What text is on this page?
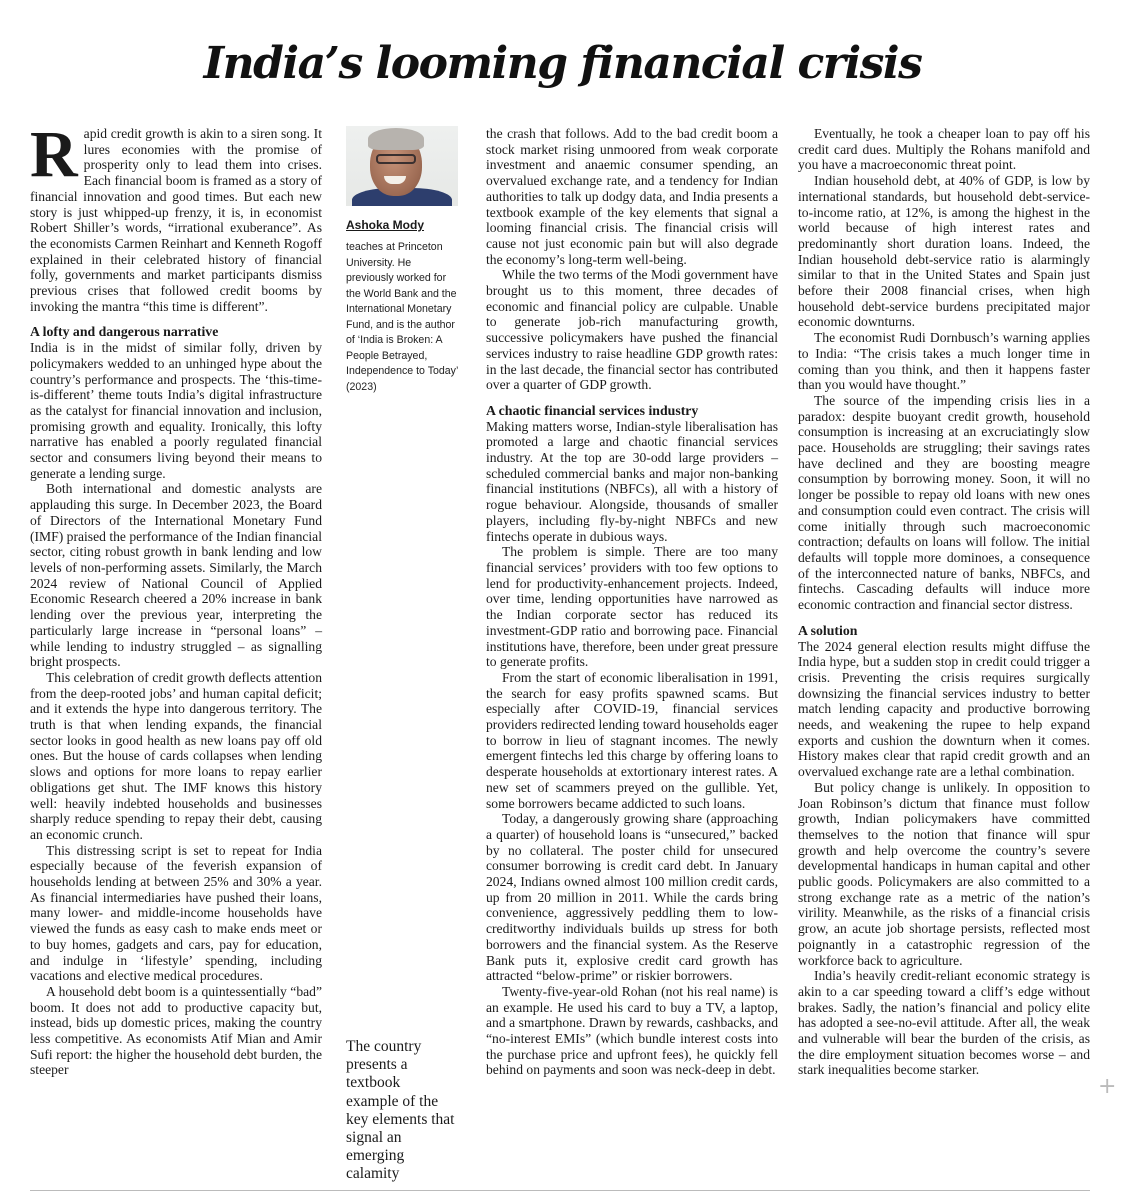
India’s looming financial crisis

Rapid credit growth is akin to a siren song. It lures economies with the promise of prosperity only to lead them into crises. Each financial boom is framed as a story of financial innovation and good times. But each new story is just whipped-up frenzy, it is, in economist Robert Shiller’s words, “irrational exuberance”. As the economists Carmen Reinhart and Kenneth Rogoff explained in their celebrated history of financial folly, governments and market participants dismiss previous crises that followed credit booms by invoking the mantra “this time is different”.

A lofty and dangerous narrative

India is in the midst of similar folly, driven by policymakers wedded to an unhinged hype about the country’s performance and prospects. The ‘this-time-is-different’ theme touts India’s digital infrastructure as the catalyst for financial innovation and inclusion, promising growth and equality. Ironically, this lofty narrative has enabled a poorly regulated financial sector and consumers living beyond their means to generate a lending surge.

Both international and domestic analysts are applauding this surge. In December 2023, the Board of Directors of the International Monetary Fund (IMF) praised the performance of the Indian financial sector, citing robust growth in bank lending and low levels of non-performing assets. Similarly, the March 2024 review of National Council of Applied Economic Research cheered a 20% increase in bank lending over the previous year, interpreting the particularly large increase in “personal loans” – while lending to industry struggled – as signalling bright prospects.

This celebration of credit growth deflects attention from the deep-rooted jobs’ and human capital deficit; and it extends the hype into dangerous territory. The truth is that when lending expands, the financial sector looks in good health as new loans pay off old ones. But the house of cards collapses when lending slows and options for more loans to repay earlier obligations get shut. The IMF knows this history well: heavily indebted households and businesses sharply reduce spending to repay their debt, causing an economic crunch.

This distressing script is set to repeat for India especially because of the feverish expansion of households lending at between 25% and 30% a year. As financial intermediaries have pushed their loans, many lower- and middle-income households have viewed the funds as easy cash to make ends meet or to buy homes, gadgets and cars, pay for education, and indulge in ‘lifestyle’ spending, including vacations and elective medical procedures.

A household debt boom is a quintessentially “bad” boom. It does not add to productive capacity but, instead, bids up domestic prices, making the country less competitive. As economists Atif Mian and Amir Sufi report: the higher the household debt burden, the steeper

Ashoka Mody
teaches at Princeton University. He previously worked for the World Bank and the International Monetary Fund, and is the author of ‘India is Broken: A People Betrayed, Independence to Today’ (2023)
The country presents a textbook example of the key elements that signal an emerging calamity

the crash that follows. Add to the bad credit boom a stock market rising unmoored from weak corporate investment and anaemic consumer spending, an overvalued exchange rate, and a tendency for Indian authorities to talk up dodgy data, and India presents a textbook example of the key elements that signal a looming financial crisis. The financial crisis will cause not just economic pain but will also degrade the economy’s long-term well-being.

While the two terms of the Modi government have brought us to this moment, three decades of economic and financial policy are culpable. Unable to generate job-rich manufacturing growth, successive policymakers have pushed the financial services industry to raise headline GDP growth rates: in the last decade, the financial sector has contributed over a quarter of GDP growth.

A chaotic financial services industry

Making matters worse, Indian-style liberalisation has promoted a large and chaotic financial services industry. At the top are 30-odd large providers – scheduled commercial banks and major non-banking financial institutions (NBFCs), all with a history of rogue behaviour. Alongside, thousands of smaller players, including fly-by-night NBFCs and new fintechs operate in dubious ways.

The problem is simple. There are too many financial services’ providers with too few options to lend for productivity-enhancement projects. Indeed, over time, lending opportunities have narrowed as the Indian corporate sector has reduced its investment-GDP ratio and borrowing pace. Financial institutions have, therefore, been under great pressure to generate profits.

From the start of economic liberalisation in 1991, the search for easy profits spawned scams. But especially after COVID-19, financial services providers redirected lending toward households eager to borrow in lieu of stagnant incomes. The newly emergent fintechs led this charge by offering loans to desperate households at extortionary interest rates. A new set of scammers preyed on the gullible. Yet, some borrowers became addicted to such loans.

Today, a dangerously growing share (approaching a quarter) of household loans is “unsecured,” backed by no collateral. The poster child for unsecured consumer borrowing is credit card debt. In January 2024, Indians owned almost 100 million credit cards, up from 20 million in 2011. While the cards bring convenience, aggressively peddling them to low-creditworthy individuals builds up stress for both borrowers and the financial system. As the Reserve Bank puts it, explosive credit card growth has attracted “below-prime” or riskier borrowers.

Twenty-five-year-old Rohan (not his real name) is an example. He used his card to buy a TV, a laptop, and a smartphone. Drawn by rewards, cashbacks, and “no-interest EMIs” (which bundle interest costs into the purchase price and upfront fees), he quickly fell behind on payments and soon was neck-deep in debt.

Eventually, he took a cheaper loan to pay off his credit card dues. Multiply the Rohans manifold and you have a macroeconomic threat point.

Indian household debt, at 40% of GDP, is low by international standards, but household debt-service-to-income ratio, at 12%, is among the highest in the world because of high interest rates and predominantly short duration loans. Indeed, the Indian household debt-service ratio is alarmingly similar to that in the United States and Spain just before their 2008 financial crises, when high household debt-service burdens precipitated major economic downturns.

The economist Rudi Dornbusch’s warning applies to India: “The crisis takes a much longer time in coming than you think, and then it happens faster than you would have thought.”

The source of the impending crisis lies in a paradox: despite buoyant credit growth, household consumption is increasing at an excruciatingly slow pace. Households are struggling; their savings rates have declined and they are boosting meagre consumption by borrowing money. Soon, it will no longer be possible to repay old loans with new ones and consumption could even contract. The crisis will come initially through such macroeconomic contraction; defaults on loans will follow. The initial defaults will topple more dominoes, a consequence of the interconnected nature of banks, NBFCs, and fintechs. Cascading defaults will induce more economic contraction and financial sector distress.

A solution

The 2024 general election results might diffuse the India hype, but a sudden stop in credit could trigger a crisis. Preventing the crisis requires surgically downsizing the financial services industry to better match lending capacity and productive borrowing needs, and weakening the rupee to help expand exports and cushion the downturn when it comes. History makes clear that rapid credit growth and an overvalued exchange rate are a lethal combination.

But policy change is unlikely. In opposition to Joan Robinson’s dictum that finance must follow growth, Indian policymakers have committed themselves to the notion that finance will spur growth and help overcome the country’s severe developmental handicaps in human capital and other public goods. Policymakers are also committed to a strong exchange rate as a metric of the nation’s virility. Meanwhile, as the risks of a financial crisis grow, an acute job shortage persists, reflected most poignantly in a catastrophic regression of the workforce back to agriculture.

India’s heavily credit-reliant economic strategy is akin to a car speeding toward a cliff’s edge without brakes. Sadly, the nation’s financial and policy elite has adopted a see-no-evil attitude. After all, the weak and vulnerable will bear the burden of the crisis, as the dire employment situation becomes worse – and stark inequalities become starker.

+
